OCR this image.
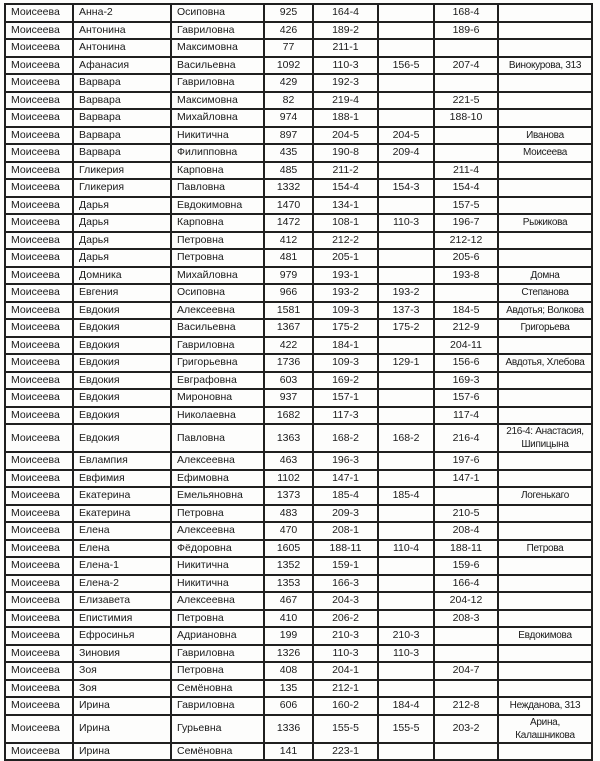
Моисеева	Анна-2	Осиповна	925	164-4		168-4	
Моисеева	Антонина	Гавриловна	426	189-2		189-6	
Моисеева	Антонина	Максимовна	77	211-1			
Моисеева	Афанасия	Васильевна	1092	110-3	156-5	207-4	Винокурова, 313
Моисеева	Варвара	Гавриловна	429	192-3			
Моисеева	Варвара	Максимовна	82	219-4		221-5	
Моисеева	Варвара	Михайловна	974	188-1		188-10	
Моисеева	Варвара	Никитична	897	204-5	204-5		Иванова
Моисеева	Варвара	Филипповна	435	190-8	209-4		Моисеева
Моисеева	Гликерия	Карповна	485	211-2		211-4	
Моисеева	Гликерия	Павловна	1332	154-4	154-3	154-4	
Моисеева	Дарья	Евдокимовна	1470	134-1		157-5	
Моисеева	Дарья	Карповна	1472	108-1	110-3	196-7	Рыжикова
Моисеева	Дарья	Петровна	412	212-2		212-12	
Моисеева	Дарья	Петровна	481	205-1		205-6	
Моисеева	Домника	Михайловна	979	193-1		193-8	Домна
Моисеева	Евгения	Осиповна	966	193-2	193-2		Степанова
Моисеева	Евдокия	Алексеевна	1581	109-3	137-3	184-5	Авдотья; Волкова
Моисеева	Евдокия	Васильевна	1367	175-2	175-2	212-9	Григорьева
Моисеева	Евдокия	Гавриловна	422	184-1		204-11	
Моисеева	Евдокия	Григорьевна	1736	109-3	129-1	156-6	Авдотья, Хлебова
Моисеева	Евдокия	Евграфовна	603	169-2		169-3	
Моисеева	Евдокия	Мироновна	937	157-1		157-6	
Моисеева	Евдокия	Николаевна	1682	117-3		117-4	
Моисеева	Евдокия	Павловна	1363	168-2	168-2	216-4	216-4: Анастасия, Шипицына
Моисеева	Евлампия	Алексеевна	463	196-3		197-6	
Моисеева	Евфимия	Ефимовна	1102	147-1		147-1	
Моисеева	Екатерина	Емельяновна	1373	185-4	185-4		Логенькаго
Моисеева	Екатерина	Петровна	483	209-3		210-5	
Моисеева	Елена	Алексеевна	470	208-1		208-4	
Моисеева	Елена	Фёдоровна	1605	188-11	110-4	188-11	Петрова
Моисеева	Елена-1	Никитична	1352	159-1		159-6	
Моисеева	Елена-2	Никитична	1353	166-3		166-4	
Моисеева	Елизавета	Алексеевна	467	204-3		204-12	
Моисеева	Епистимия	Петровна	410	206-2		208-3	
Моисеева	Ефросинья	Адриановна	199	210-3	210-3		Евдокимова
Моисеева	Зиновия	Гавриловна	1326	110-3	110-3		
Моисеева	Зоя	Петровна	408	204-1		204-7	
Моисеева	Зоя	Семёновна	135	212-1			
Моисеева	Ирина	Гавриловна	606	160-2	184-4	212-8	Нежданова, 313
Моисеева	Ирина	Гурьевна	1336	155-5	155-5	203-2	Арина, Калашникова
Моисеева	Ирина	Семёновна	141	223-1			
